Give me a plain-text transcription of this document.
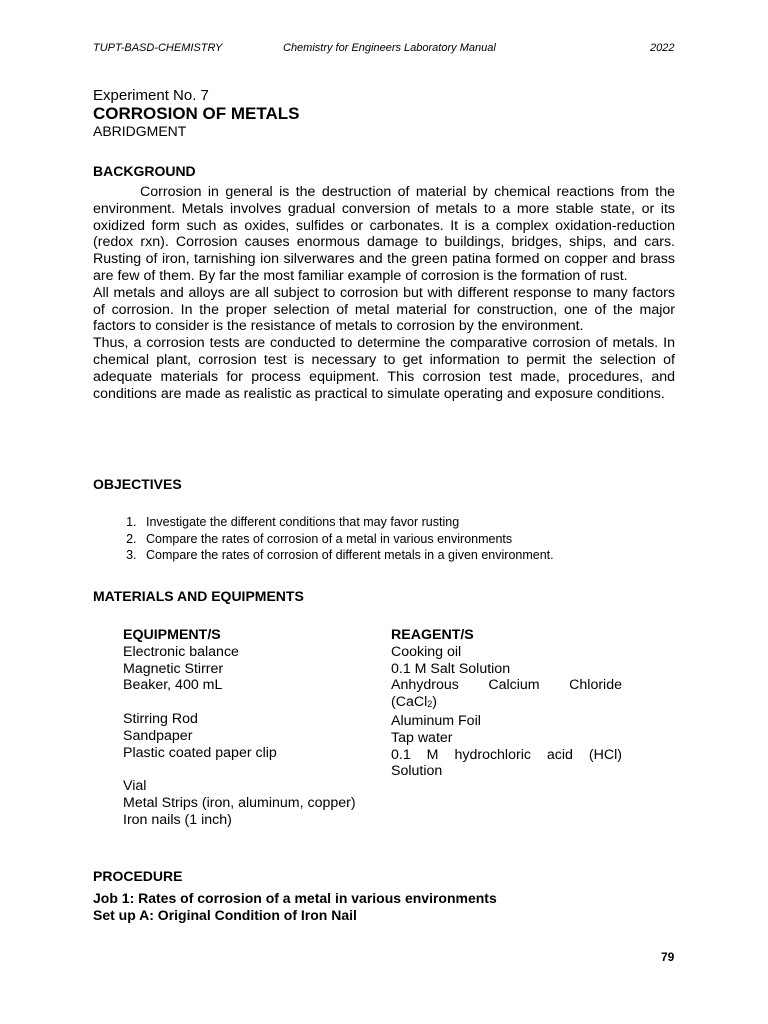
TUPT-BASD-CHEMISTRY	Chemistry for Engineers Laboratory Manual	2022
Experiment No. 7
CORROSION OF METALS
ABRIDGMENT
BACKGROUND

Corrosion in general is the destruction of material by chemical reactions from the environment. Metals involves gradual conversion of metals to a more stable state, or its oxidized form such as oxides, sulfides or carbonates. It is a complex oxidation-reduction (redox rxn). Corrosion causes enormous damage to buildings, bridges, ships, and cars. Rusting of iron, tarnishing ion silverwares and the green patina formed on copper and brass are few of them. By far the most familiar example of corrosion is the formation of rust.

All metals and alloys are all subject to corrosion but with different response to many factors of corrosion. In the proper selection of metal material for construction, one of the major factors to consider is the resistance of metals to corrosion by the environment.

Thus, a corrosion tests are conducted to determine the comparative corrosion of metals. In chemical plant, corrosion test is necessary to get information to permit the selection of adequate materials for process equipment. This corrosion test made, procedures, and conditions are made as realistic as practical to simulate operating and exposure conditions.

OBJECTIVES
1. Investigate the different conditions that may favor rusting
2. Compare the rates of corrosion of a metal in various environments
3. Compare the rates of corrosion of different metals in a given environment.
MATERIALS AND EQUIPMENTS
EQUIPMENT/S
Electronic balance
Magnetic Stirrer
Beaker, 400 mL
Stirring Rod
Sandpaper
Plastic coated paper clip
Vial
Metal Strips (iron, aluminum, copper)
Iron nails (1 inch)
REAGENT/S
Cooking oil
0.1 M Salt Solution
Anhydrous Calcium Chloride
(CaCl$_2$)
Aluminum Foil
Tap water
0.1 M hydrochloric acid (HCl)
Solution
PROCEDURE
Job 1: Rates of corrosion of a metal in various environments
Set up A: Original Condition of Iron Nail
79
